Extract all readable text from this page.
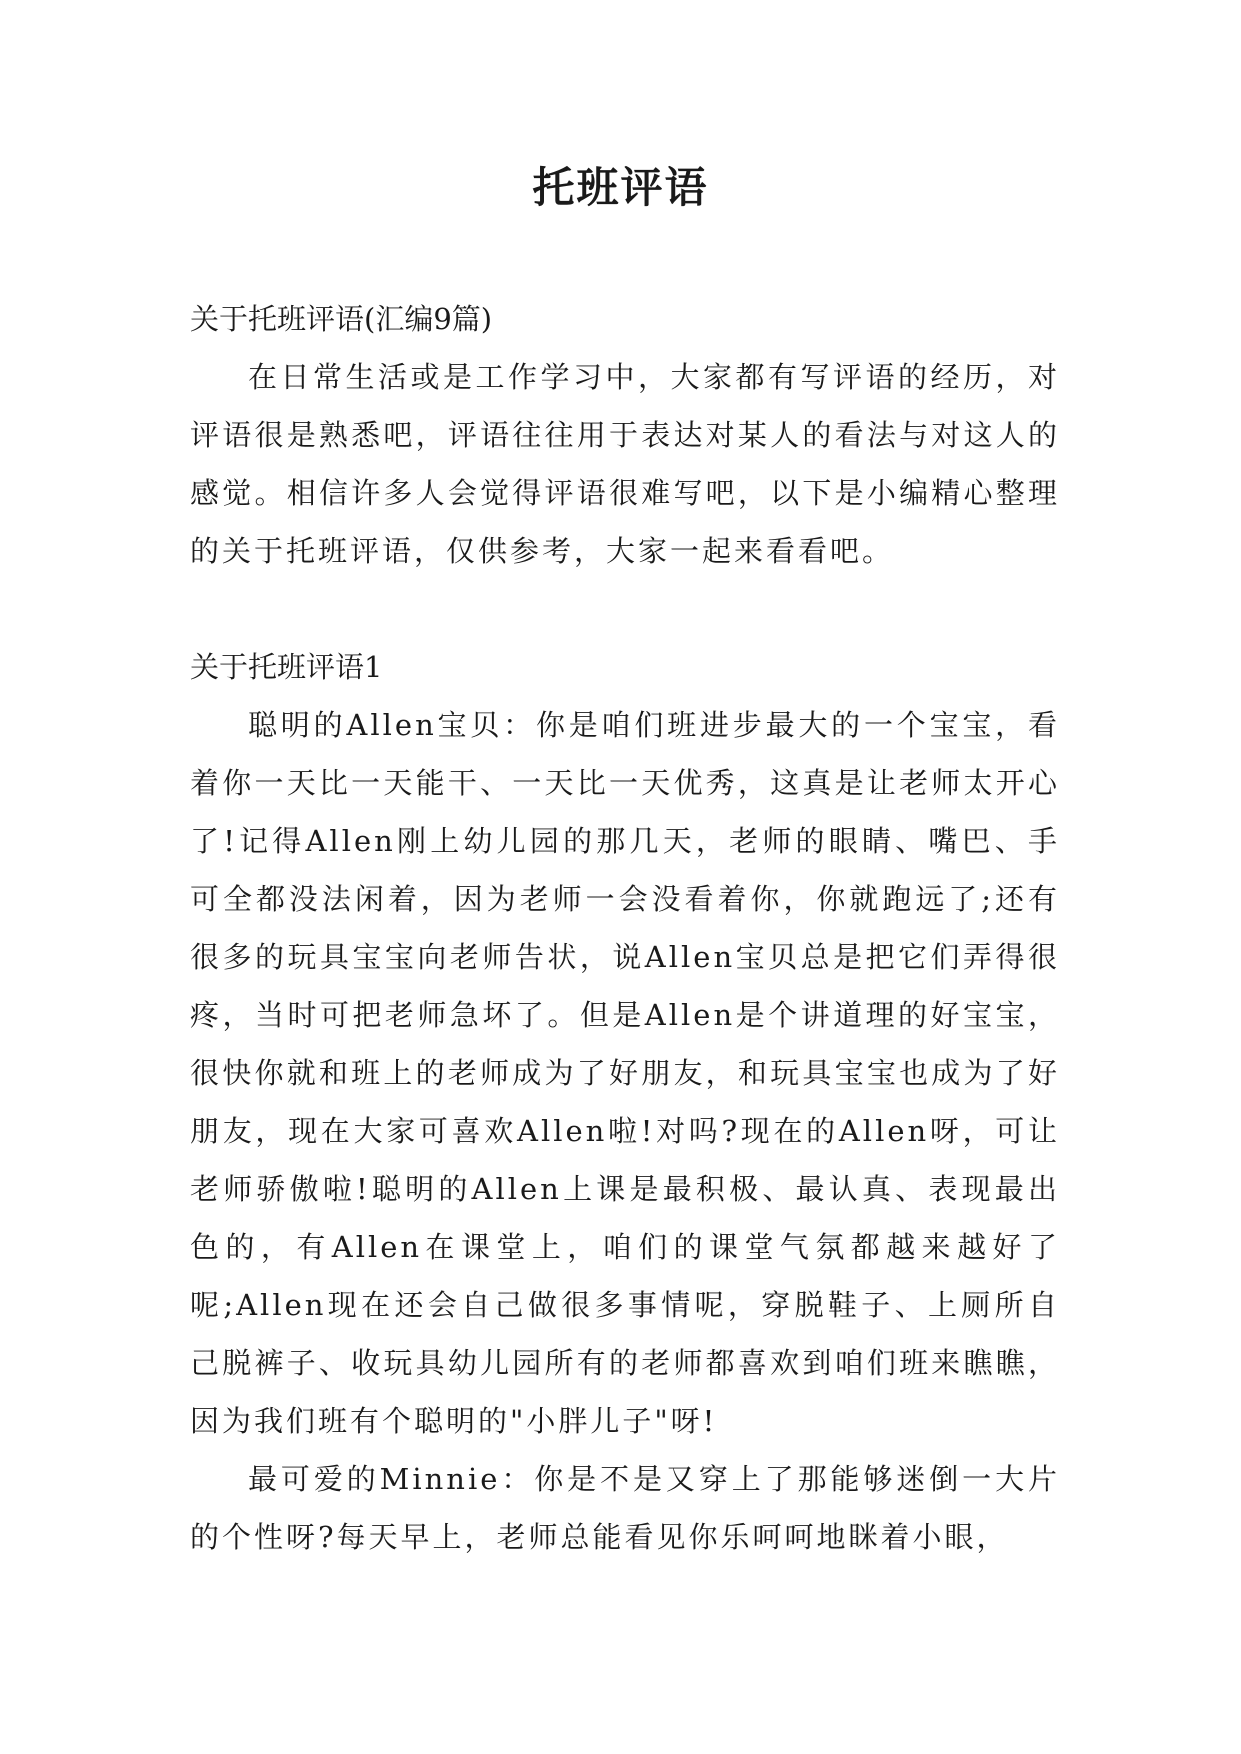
托班评语

关于托班评语(汇编9篇)

在日常生活或是工作学习中，大家都有写评语的经历，对评语很是熟悉吧，评语往往用于表达对某人的看法与对这人的感觉。相信许多人会觉得评语很难写吧，以下是小编精心整理的关于托班评语，仅供参考，大家一起来看看吧。

关于托班评语1

聪明的Allen宝贝：你是咱们班进步最大的一个宝宝，看着你一天比一天能干、一天比一天优秀，这真是让老师太开心了!记得Allen刚上幼儿园的那几天，老师的眼睛、嘴巴、手可全都没法闲着，因为老师一会没看着你，你就跑远了;还有很多的玩具宝宝向老师告状，说Allen宝贝总是把它们弄得很疼，当时可把老师急坏了。但是Allen是个讲道理的好宝宝，很快你就和班上的老师成为了好朋友，和玩具宝宝也成为了好朋友，现在大家可喜欢Allen啦!对吗?现在的Allen呀，可让老师骄傲啦!聪明的Allen上课是最积极、最认真、表现最出色的，有Allen在课堂上，咱们的课堂气氛都越来越好了呢;Allen现在还会自己做很多事情呢，穿脱鞋子、上厕所自己脱裤子、收玩具幼儿园所有的老师都喜欢到咱们班来瞧瞧，因为我们班有个聪明的"小胖儿子"呀!

最可爱的Minnie：你是不是又穿上了那能够迷倒一大片的个性呀?每天早上，老师总能看见你乐呵呵地眯着小眼，
